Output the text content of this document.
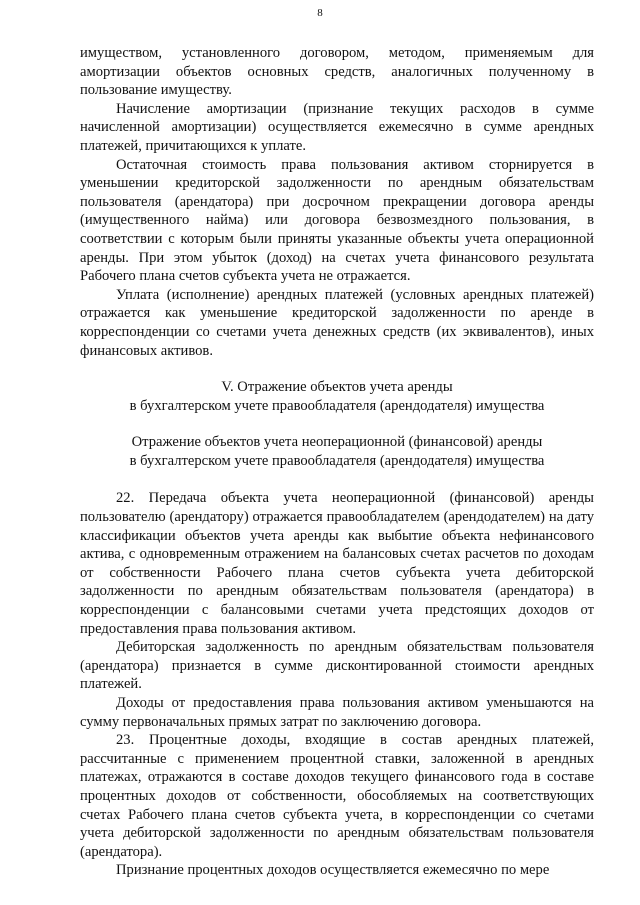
8

имуществом, установленного договором, методом, применяемым для амортизации объектов основных средств, аналогичных полученному в пользование имуществу.

Начисление амортизации (признание текущих расходов в сумме начисленной амортизации) осуществляется ежемесячно в сумме арендных платежей, причитающихся к уплате.

Остаточная стоимость права пользования активом сторнируется в уменьшении кредиторской задолженности по арендным обязательствам пользователя (арендатора) при досрочном прекращении договора аренды (имущественного найма) или договора безвозмездного пользования, в соответствии с которым были приняты указанные объекты учета операционной аренды. При этом убыток (доход) на счетах учета финансового результата Рабочего плана счетов субъекта учета не отражается.

Уплата (исполнение) арендных платежей (условных арендных платежей) отражается как уменьшение кредиторской задолженности по аренде в корреспонденции со счетами учета денежных средств (их эквивалентов), иных финансовых активов.

V. Отражение объектов учета аренды

в бухгалтерском учете правообладателя (арендодателя) имущества

Отражение объектов учета неоперационной (финансовой) аренды

в бухгалтерском учете правообладателя (арендодателя) имущества

22. Передача объекта учета неоперационной (финансовой) аренды пользователю (арендатору) отражается правообладателем (арендодателем) на дату классификации объектов учета аренды как выбытие объекта нефинансового актива, с одновременным отражением на балансовых счетах расчетов по доходам от собственности Рабочего плана счетов субъекта учета дебиторской задолженности по арендным обязательствам пользователя (арендатора) в корреспонденции с балансовыми счетами учета предстоящих доходов от предоставления права пользования активом.

Дебиторская задолженность по арендным обязательствам пользователя (арендатора) признается в сумме дисконтированной стоимости арендных платежей.

Доходы от предоставления права пользования активом уменьшаются на сумму первоначальных прямых затрат по заключению договора.

23. Процентные доходы, входящие в состав арендных платежей, рассчитанные с применением процентной ставки, заложенной в арендных платежах, отражаются в составе доходов текущего финансового года в составе процентных доходов от собственности, обособляемых на соответствующих счетах Рабочего плана счетов субъекта учета, в корреспонденции со счетами учета дебиторской задолженности по арендным обязательствам пользователя (арендатора).

Признание процентных доходов осуществляется ежемесячно по мере
